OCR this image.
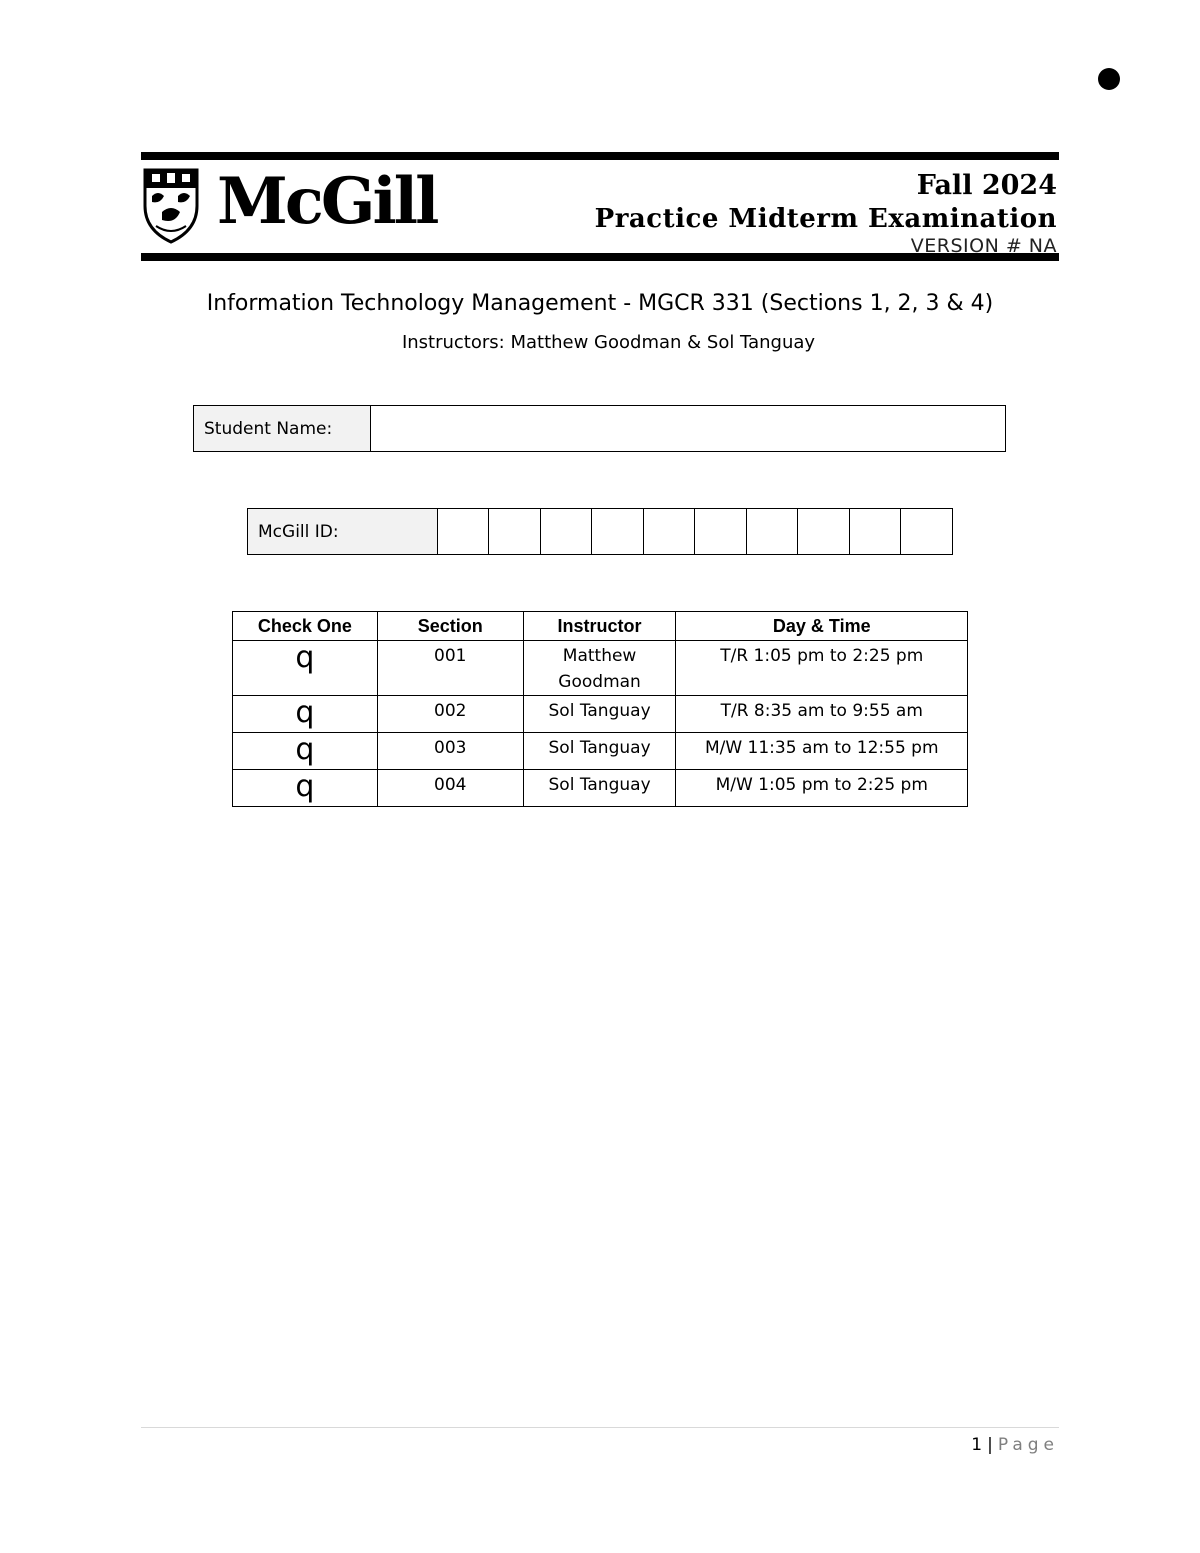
McGill	Fall 2024
Practice Midterm Examination
VERSION # NA
Information Technology Management - MGCR 331 (Sections 1, 2, 3 & 4)
Instructors: Matthew Goodman & Sol Tanguay
Student Name:	
McGill ID:										
Check One	Section	Instructor	Day & Time
q	001	Matthew Goodman	T/R 1:05 pm to 2:25 pm
q	002	Sol Tanguay	T/R 8:35 am to 9:55 am
q	003	Sol Tanguay	M/W 11:35 am to 12:55 pm
q	004	Sol Tanguay	M/W 1:05 pm to 2:25 pm
1 | Page
